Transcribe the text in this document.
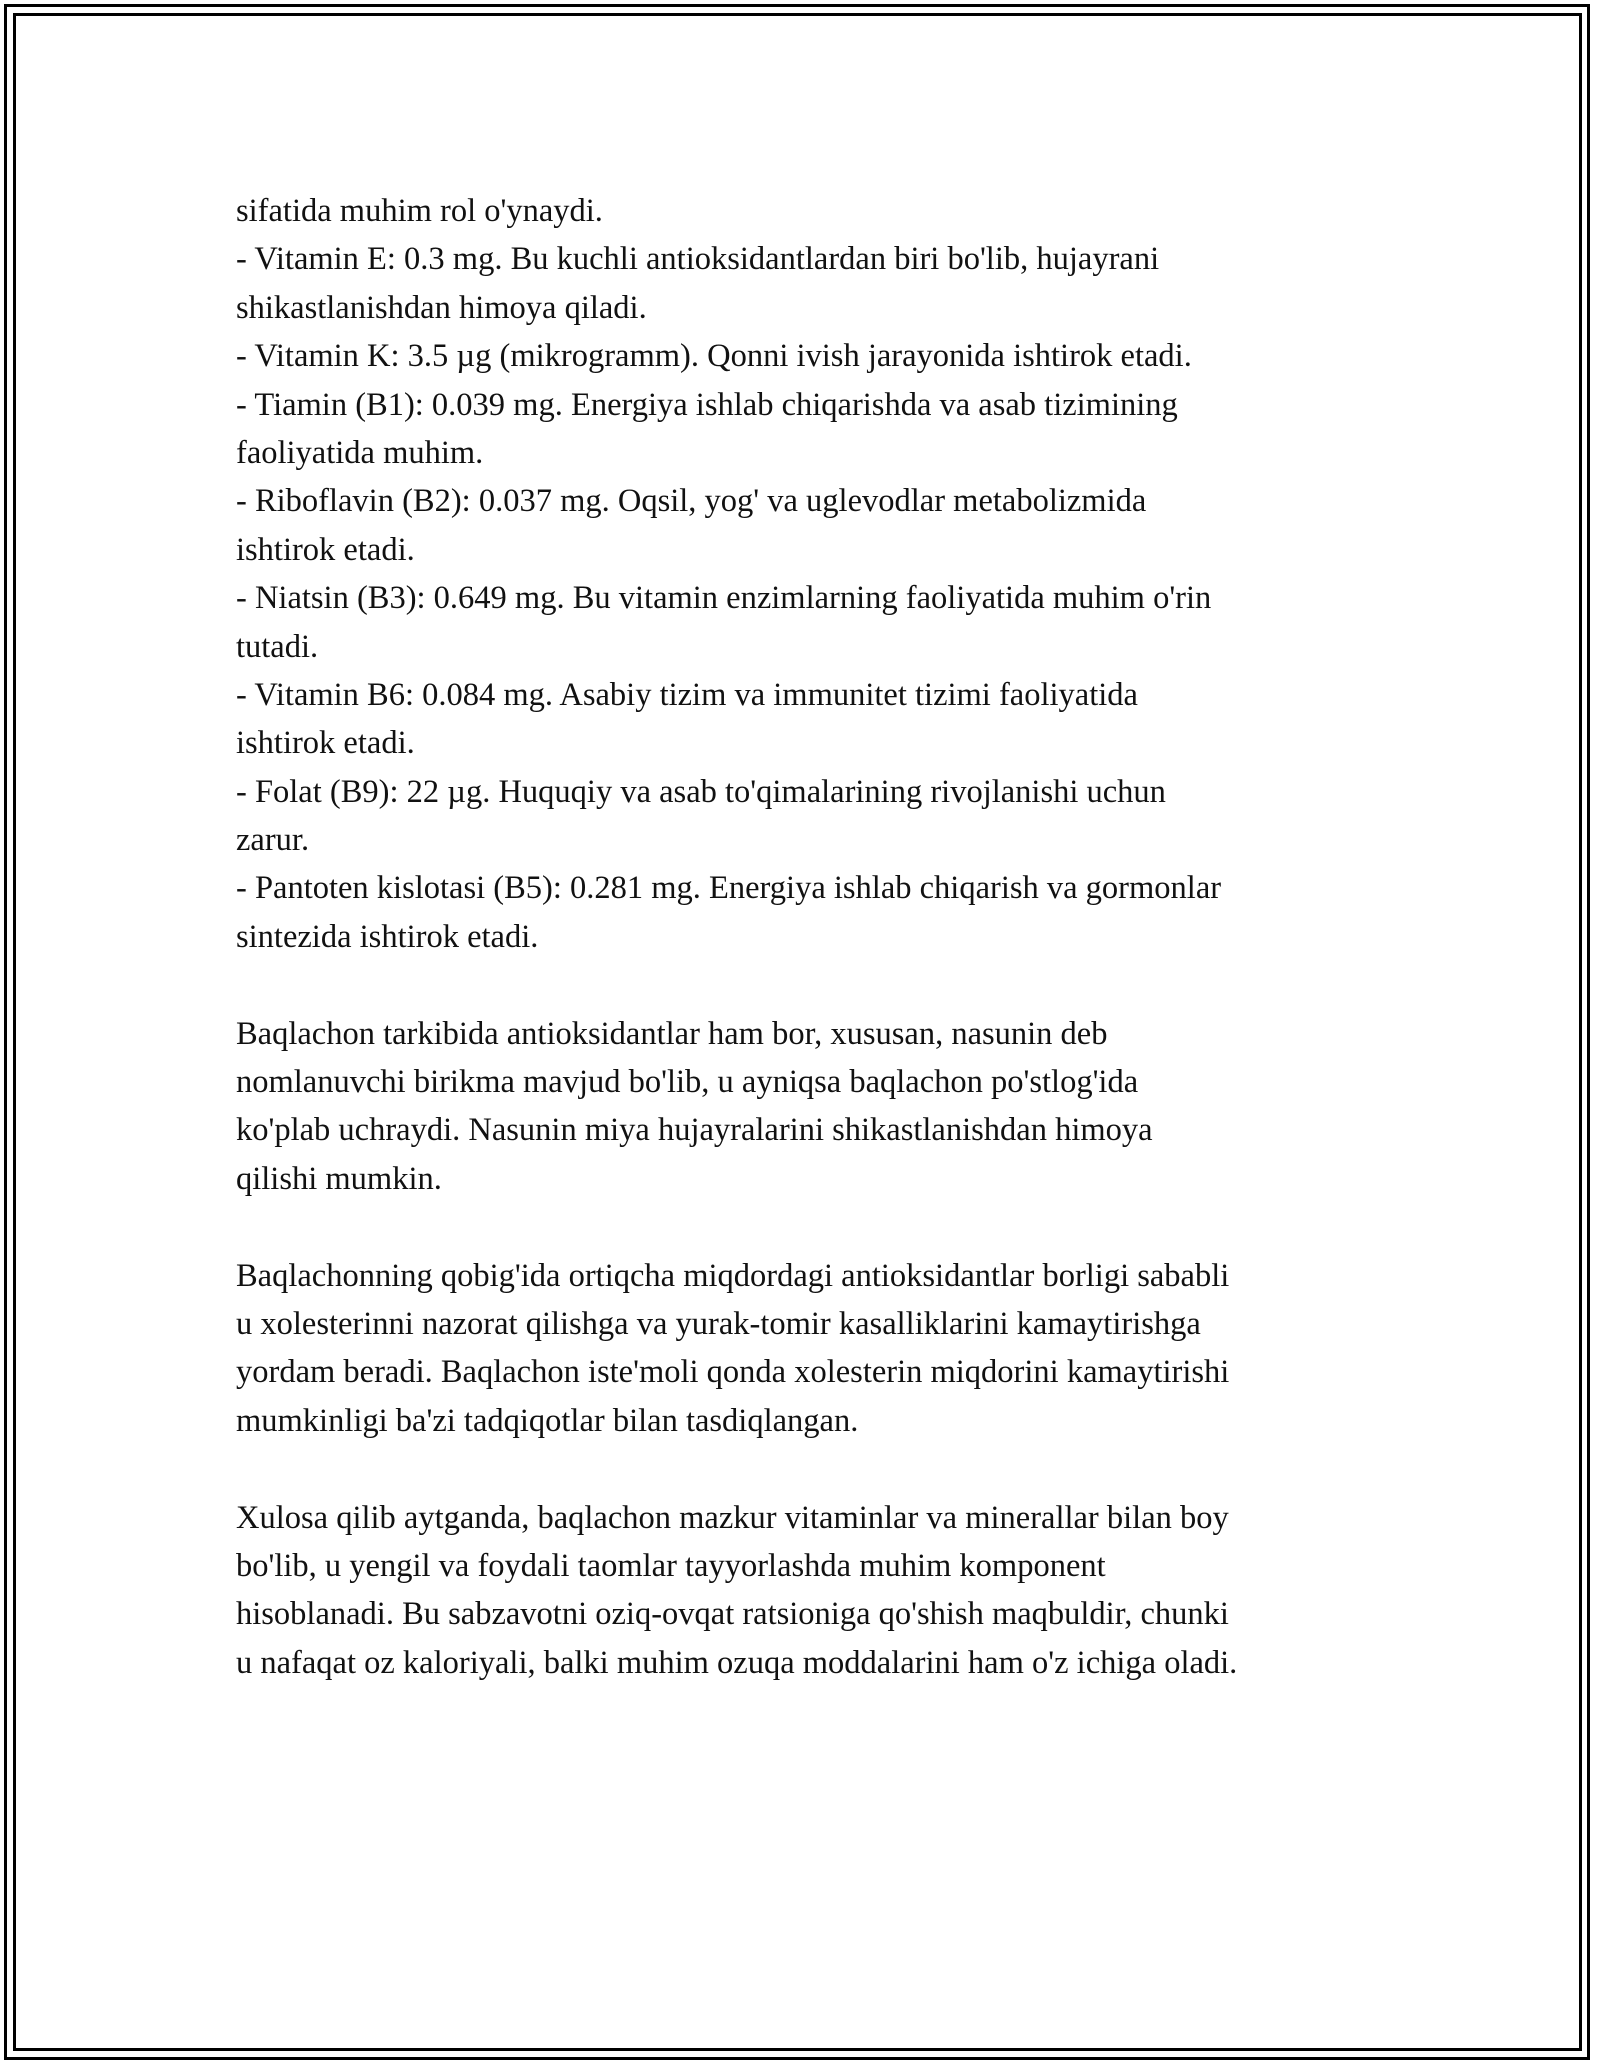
sifatida muhim rol o'ynaydi.
- Vitamin E: 0.3 mg. Bu kuchli antioksidantlardan biri bo'lib, hujayrani
shikastlanishdan himoya qiladi.
- Vitamin K: 3.5 µg (mikrogramm). Qonni ivish jarayonida ishtirok etadi.
- Tiamin (B1): 0.039 mg. Energiya ishlab chiqarishda va asab tizimining
faoliyatida muhim.
- Riboflavin (B2): 0.037 mg. Oqsil, yog' va uglevodlar metabolizmida
ishtirok etadi.
- Niatsin (B3): 0.649 mg. Bu vitamin enzimlarning faoliyatida muhim o'rin
tutadi.
- Vitamin B6: 0.084 mg. Asabiy tizim va immunitet tizimi faoliyatida
ishtirok etadi.
- Folat (B9): 22 µg. Huquqiy va asab to'qimalarining rivojlanishi uchun
zarur.
- Pantoten kislotasi (B5): 0.281 mg. Energiya ishlab chiqarish va gormonlar
sintezida ishtirok etadi.
Baqlachon tarkibida antioksidantlar ham bor, xususan, nasunin deb
nomlanuvchi birikma mavjud bo'lib, u ayniqsa baqlachon po'stlog'ida
ko'plab uchraydi. Nasunin miya hujayralarini shikastlanishdan himoya
qilishi mumkin.
Baqlachonning qobig'ida ortiqcha miqdordagi antioksidantlar borligi sababli
u xolesterinni nazorat qilishga va yurak-tomir kasalliklarini kamaytirishga
yordam beradi. Baqlachon iste'moli qonda xolesterin miqdorini kamaytirishi
mumkinligi ba'zi tadqiqotlar bilan tasdiqlangan.
Xulosa qilib aytganda, baqlachon mazkur vitaminlar va minerallar bilan boy
bo'lib, u yengil va foydali taomlar tayyorlashda muhim komponent
hisoblanadi. Bu sabzavotni oziq-ovqat ratsioniga qo'shish maqbuldir, chunki
u nafaqat oz kaloriyali, balki muhim ozuqa moddalarini ham o'z ichiga oladi.
